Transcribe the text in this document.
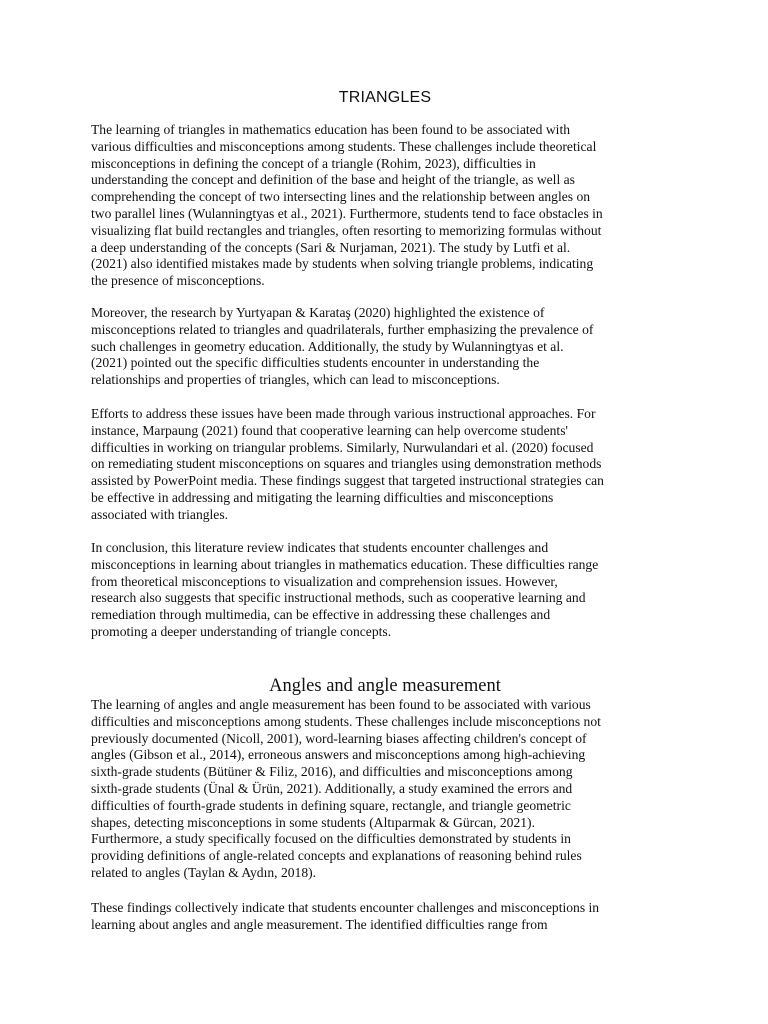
TRIANGLES

The learning of triangles in mathematics education has been found to be associated with
various difficulties and misconceptions among students. These challenges include theoretical
misconceptions in defining the concept of a triangle (Rohim, 2023), difficulties in
understanding the concept and definition of the base and height of the triangle, as well as
comprehending the concept of two intersecting lines and the relationship between angles on
two parallel lines (Wulanningtyas et al., 2021). Furthermore, students tend to face obstacles in
visualizing flat build rectangles and triangles, often resorting to memorizing formulas without
a deep understanding of the concepts (Sari & Nurjaman, 2021). The study by Lutfi et al.
(2021) also identified mistakes made by students when solving triangle problems, indicating
the presence of misconceptions.

Moreover, the research by Yurtyapan & Karataş (2020) highlighted the existence of
misconceptions related to triangles and quadrilaterals, further emphasizing the prevalence of
such challenges in geometry education. Additionally, the study by Wulanningtyas et al.
(2021) pointed out the specific difficulties students encounter in understanding the
relationships and properties of triangles, which can lead to misconceptions.

Efforts to address these issues have been made through various instructional approaches. For
instance, Marpaung (2021) found that cooperative learning can help overcome students'
difficulties in working on triangular problems. Similarly, Nurwulandari et al. (2020) focused
on remediating student misconceptions on squares and triangles using demonstration methods
assisted by PowerPoint media. These findings suggest that targeted instructional strategies can
be effective in addressing and mitigating the learning difficulties and misconceptions
associated with triangles.

In conclusion, this literature review indicates that students encounter challenges and
misconceptions in learning about triangles in mathematics education. These difficulties range
from theoretical misconceptions to visualization and comprehension issues. However,
research also suggests that specific instructional methods, such as cooperative learning and
remediation through multimedia, can be effective in addressing these challenges and
promoting a deeper understanding of triangle concepts.

Angles and angle measurement

The learning of angles and angle measurement has been found to be associated with various
difficulties and misconceptions among students. These challenges include misconceptions not
previously documented (Nicoll, 2001), word-learning biases affecting children's concept of
angles (Gibson et al., 2014), erroneous answers and misconceptions among high-achieving
sixth-grade students (Bütüner & Filiz, 2016), and difficulties and misconceptions among
sixth-grade students (Ünal & Ürün, 2021). Additionally, a study examined the errors and
difficulties of fourth-grade students in defining square, rectangle, and triangle geometric
shapes, detecting misconceptions in some students (Altıparmak & Gürcan, 2021).
Furthermore, a study specifically focused on the difficulties demonstrated by students in
providing definitions of angle-related concepts and explanations of reasoning behind rules
related to angles (Taylan & Aydın, 2018).

These findings collectively indicate that students encounter challenges and misconceptions in
learning about angles and angle measurement. The identified difficulties range from
